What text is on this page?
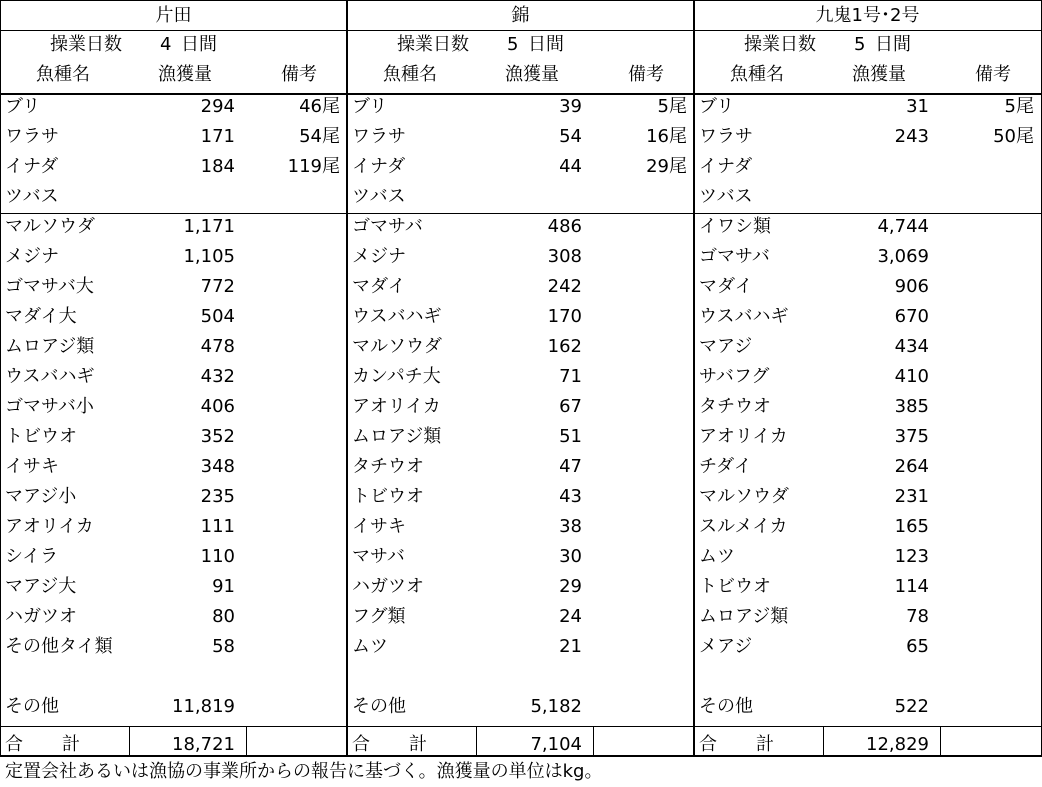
片田
操業日数	4 日間
魚種名	漁獲量	備考
ブリ	294	46尾
ワラサ	171	54尾
イナダ	184	119尾
ツバス
マルソウダ	1,171
メジナ	1,105
ゴマサバ大	772
マダイ大	504
ムロアジ類	478
ウスバハギ	432
ゴマサバ小	406
トビウオ	352
イサキ	348
マアジ小	235
アオリイカ	111
シイラ	110
マアジ大	91
ハガツオ	80
その他タイ類	58
その他	11,819
合	計	18,721
錦
操業日数	5 日間
魚種名	漁獲量	備考
ブリ	39	5尾
ワラサ	54	16尾
イナダ	44	29尾
ツバス
ゴマサバ	486
メジナ	308
マダイ	242
ウスバハギ	170
マルソウダ	162
カンパチ大	71
アオリイカ	67
ムロアジ類	51
タチウオ	47
トビウオ	43
イサキ	38
マサバ	30
ハガツオ	29
フグ類	24
ムツ	21
その他	5,182
合	計	7,104
九鬼1号･2号
操業日数	5 日間
魚種名	漁獲量	備考
ブリ	31	5尾
ワラサ	243	50尾
イナダ
ツバス
イワシ類	4,744
ゴマサバ	3,069
マダイ	906
ウスバハギ	670
マアジ	434
サバフグ	410
タチウオ	385
アオリイカ	375
チダイ	264
マルソウダ	231
スルメイカ	165
ムツ	123
トビウオ	114
ムロアジ類	78
メアジ	65
その他	522
合	計	12,829
定置会社あるいは漁協の事業所からの報告に基づく。漁獲量の単位はkg。
